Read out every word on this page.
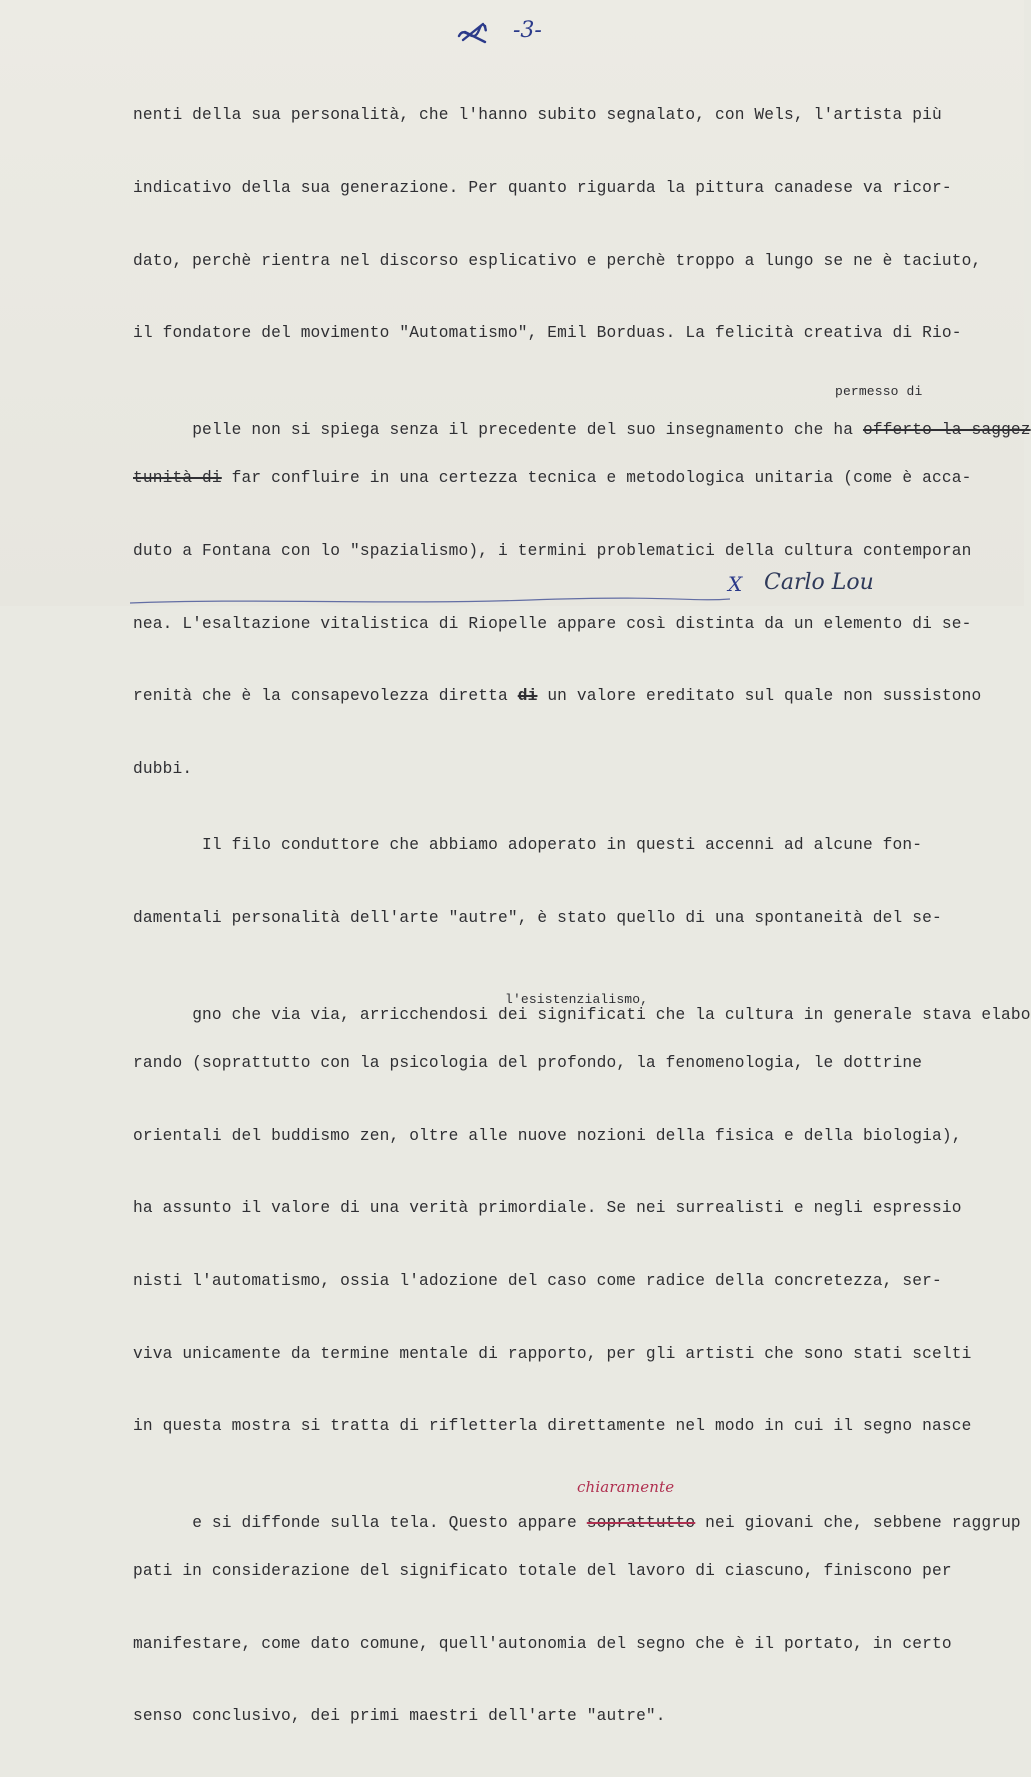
-3-

nenti della sua personalità, che l'hanno subito segnalato, con Wels, l'artista più

indicativo della sua generazione. Per quanto riguarda la pittura canadese va ricor-

dato, perchè rientra nel discorso esplicativo e perchè troppo a lungo se ne è taciuto,

il fondatore del movimento "Automatismo", Emil Borduas. La felicità creativa di Rio-

pelle non si spiega senza il precedente del suo insegnamento che ha offerto la saggez

permesso di

tunità di far confluire in una certezza tecnica e metodologica unitaria (come è acca-

duto a Fontana con lo "spazialismo), i termini problematici della cultura contemporan

nea. L'esaltazione vitalistica di Riopelle appare così distinta da un elemento di se-

renità che è la consapevolezza diretta di un valore ereditato sul quale non sussistono

dubbi.

Il filo conduttore che abbiamo adoperato in questi accenni ad alcune fon-

damentali personalità dell'arte "autre", è stato quello di una spontaneità del se-

gno che via via, arricchendosi dei significati che la cultura in generale stava elabo

l'esistenzialismo,

rando (soprattutto con la psicologia del profondo, la fenomenologia, le dottrine

orientali del buddismo zen, oltre alle nuove nozioni della fisica e della biologia),

ha assunto il valore di una verità primordiale. Se nei surrealisti e negli espressio

nisti l'automatismo, ossia l'adozione del caso come radice della concretezza, ser-

viva unicamente da termine mentale di rapporto, per gli artisti che sono stati scelti

in questa mostra si tratta di rifletterla direttamente nel modo in cui il segno nasce

e si diffonde sulla tela. Questo appare soprattutto nei giovani che, sebbene raggrup

chiaramente

pati in considerazione del significato totale del lavoro di ciascuno, finiscono per

manifestare, come dato comune, quell'autonomia del segno che è il portato, in certo

senso conclusivo, dei primi maestri dell'arte "autre".

X Carlo Lou
